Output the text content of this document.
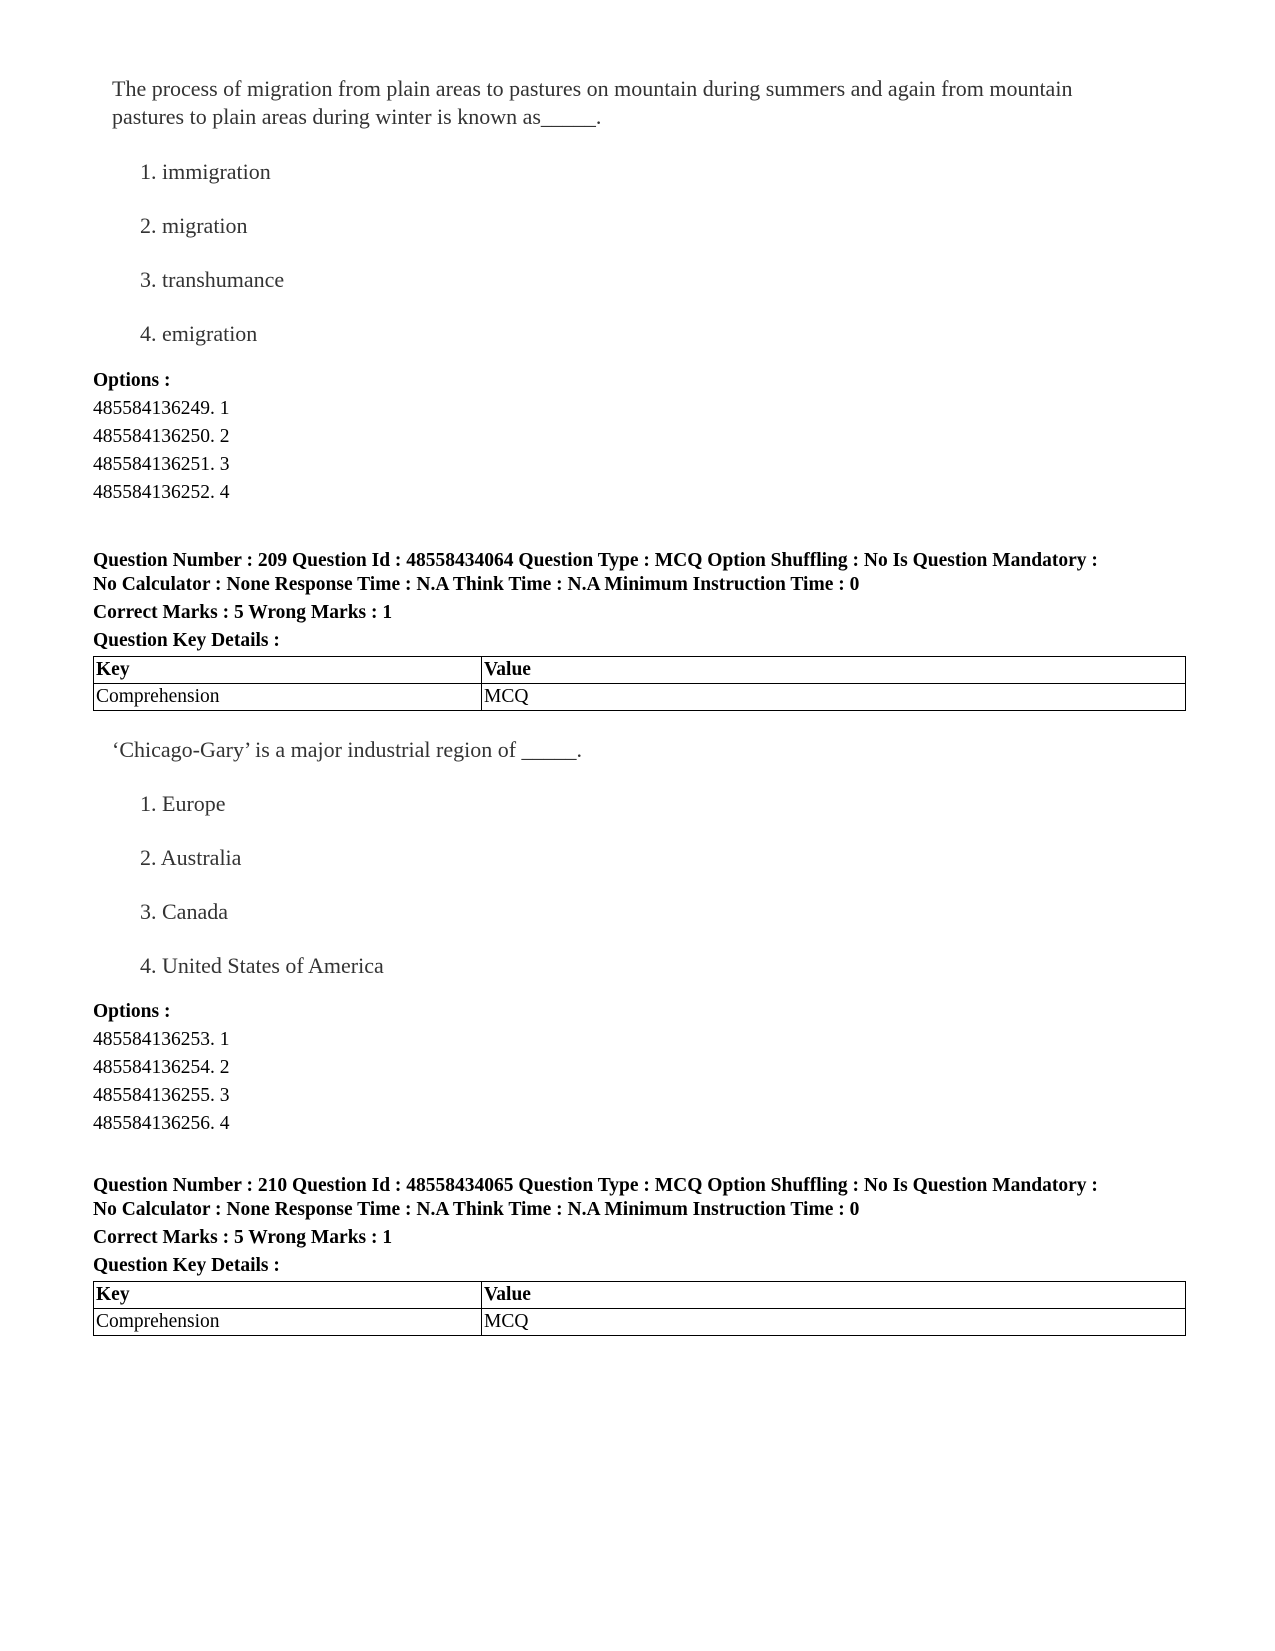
The process of migration from plain areas to pastures on mountain during summers and again from mountain
pastures to plain areas during winter is known as_____.
1. immigration
2. migration
3. transhumance
4. emigration
Options :
485584136249. 1
485584136250. 2
485584136251. 3
485584136252. 4
Question Number : 209 Question Id : 48558434064 Question Type : MCQ Option Shuffling : No Is Question Mandatory :
No Calculator : None Response Time : N.A Think Time : N.A Minimum Instruction Time : 0
Correct Marks : 5 Wrong Marks : 1
Question Key Details :
Key	Value
Comprehension	MCQ
‘Chicago-Gary’ is a major industrial region of _____.
1. Europe
2. Australia
3. Canada
4. United States of America
Options :
485584136253. 1
485584136254. 2
485584136255. 3
485584136256. 4
Question Number : 210 Question Id : 48558434065 Question Type : MCQ Option Shuffling : No Is Question Mandatory :
No Calculator : None Response Time : N.A Think Time : N.A Minimum Instruction Time : 0
Correct Marks : 5 Wrong Marks : 1
Question Key Details :
Key	Value
Comprehension	MCQ
